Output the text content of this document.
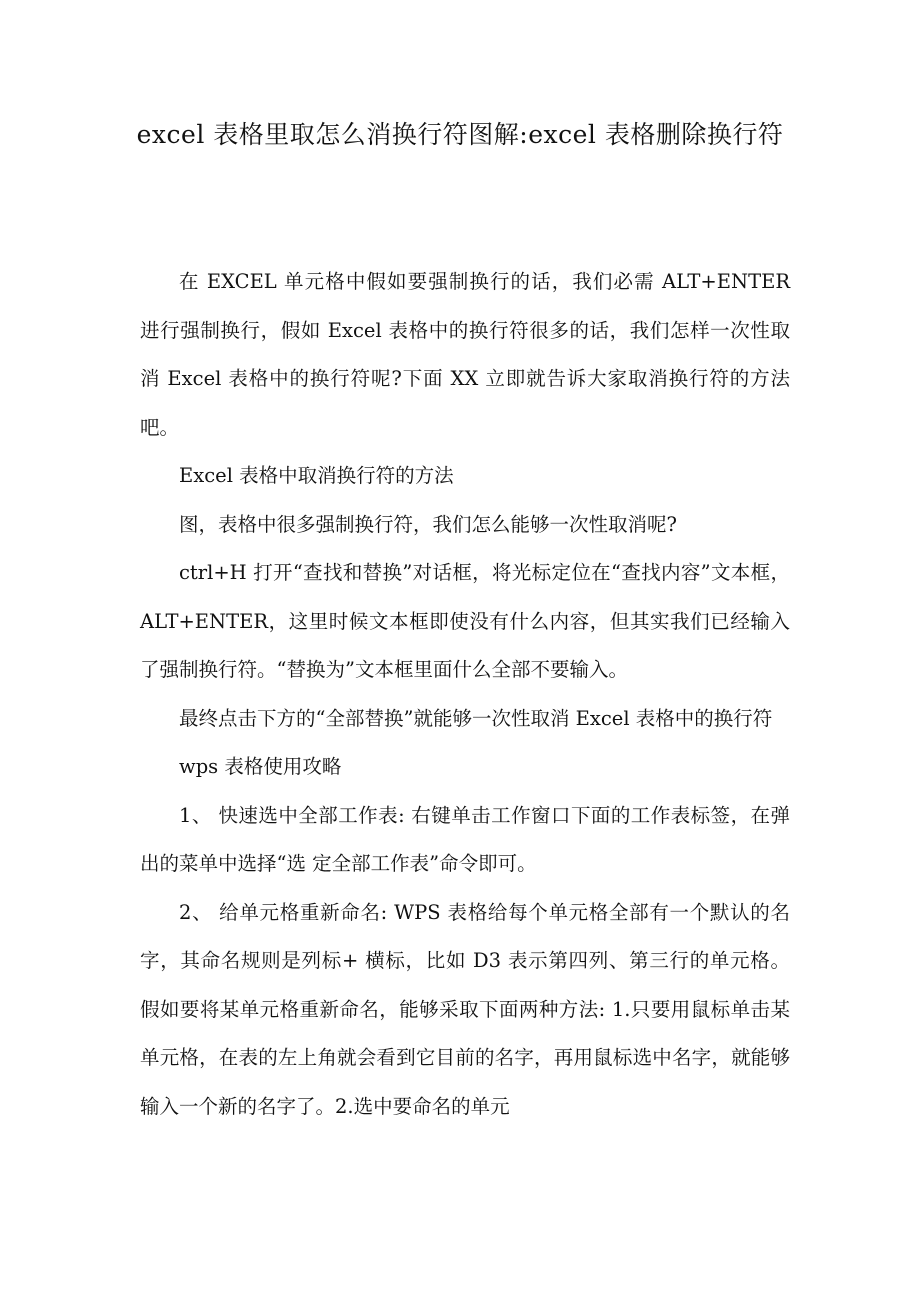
excel 表格里取怎么消换行符图解:excel 表格删除换行符

在 EXCEL 单元格中假如要强制换行的话，我们必需 ALT+ENTER 进行强制换行，假如 Excel 表格中的换行符很多的话，我们怎样一次性取消 Excel 表格中的换行符呢?下面 XX 立即就告诉大家取消换行符的方法吧。

Excel 表格中取消换行符的方法

图，表格中很多强制换行符，我们怎么能够一次性取消呢?

ctrl+H 打开“查找和替换”对话框，将光标定位在“查找内容”文本框，ALT+ENTER，这里时候文本框即使没有什么内容，但其实我们已经输入了强制换行符。“替换为”文本框里面什么全部不要输入。

最终点击下方的“全部替换”就能够一次性取消 Excel 表格中的换行符

wps 表格使用攻略

1、 快速选中全部工作表: 右键单击工作窗口下面的工作表标签，在弹出的菜单中选择“选 定全部工作表”命令即可。

2、 给单元格重新命名: WPS 表格给每个单元格全部有一个默认的名字，其命名规则是列标+ 横标，比如 D3 表示第四列、第三行的单元格。 假如要将某单元格重新命名，能够采取下面两种方法: 1.只要用鼠标单击某单元格，在表的左上角就会看到它目前的名字，再用鼠标选中名字，就能够输入一个新的名字了。2.选中要命名的单元
